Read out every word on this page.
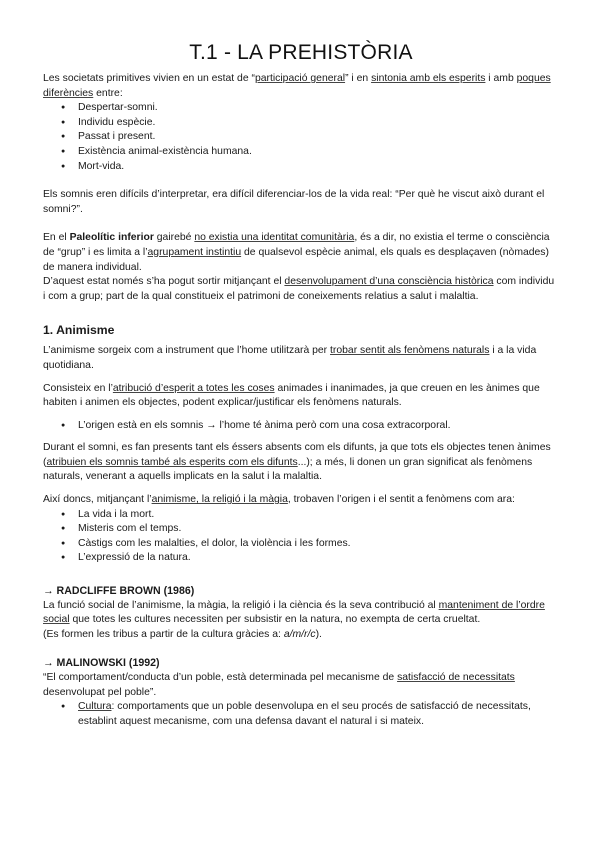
T.1 - LA PREHISTÒRIA

Les societats primitives vivien en un estat de “participació general” i en sintonia amb els esperits i amb poques diferències entre:

● Despertar-somni.
● Individu espècie.
● Passat i present.
● Existència animal-existència humana.
● Mort-vida.

Els somnis eren difícils d’interpretar, era difícil diferenciar-los de la vida real: “Per què he viscut això durant el somni?”.

En el Paleolític inferior gairebé no existia una identitat comunitària, és a dir, no existia el terme o consciència de “grup” i es limita a l’agrupament instintiu de qualsevol espècie animal, els quals es desplaçaven (nòmades) de manera individual.

D’aquest estat només s’ha pogut sortir mitjançant el desenvolupament d’una consciència històrica com individu i com a grup; part de la qual constitueix el patrimoni de coneixements relatius a salut i malaltia.

1. Animisme

L’animisme sorgeix com a instrument que l’home utilitzarà per trobar sentit als fenòmens naturals i a la vida quotidiana.

Consisteix en l’atribució d’esperit a totes les coses animades i inanimades, ja que creuen en les ànimes que habiten i animen els objectes, podent explicar/justificar els fenòmens naturals.

● L’origen està en els somnis → l’home té ànima però com una cosa extracorporal.

Durant el somni, es fan presents tant els éssers absents com els difunts, ja que tots els objectes tenen ànimes (atribuien els somnis també als esperits com els difunts...); a més, li donen un gran significat als fenòmens naturals, venerant a aquells implicats en la salut i la malaltia.

Així doncs, mitjançant l’animisme, la religió i la màgia, trobaven l’origen i el sentit a fenòmens com ara:

● La vida i la mort.
● Misteris com el temps.
● Càstigs com les malalties, el dolor, la violència i les formes.
● L’expressió de la natura.
→ RADCLIFFE BROWN (1986)

La funció social de l’animisme, la màgia, la religió i la ciència és la seva contribució al manteniment de l’ordre social que totes les cultures necessiten per subsistir en la natura, no exempta de certa crueltat.

(Es formen les tribus a partir de la cultura gràcies a: a/m/r/c).

→ MALINOWSKI (1992)

“El comportament/conducta d’un poble, està determinada pel mecanisme de satisfacció de necessitats desenvolupat pel poble”.

● Cultura: comportaments que un poble desenvolupa en el seu procés de satisfacció de necessitats, establint aquest mecanisme, com una defensa davant el natural i si mateix.
